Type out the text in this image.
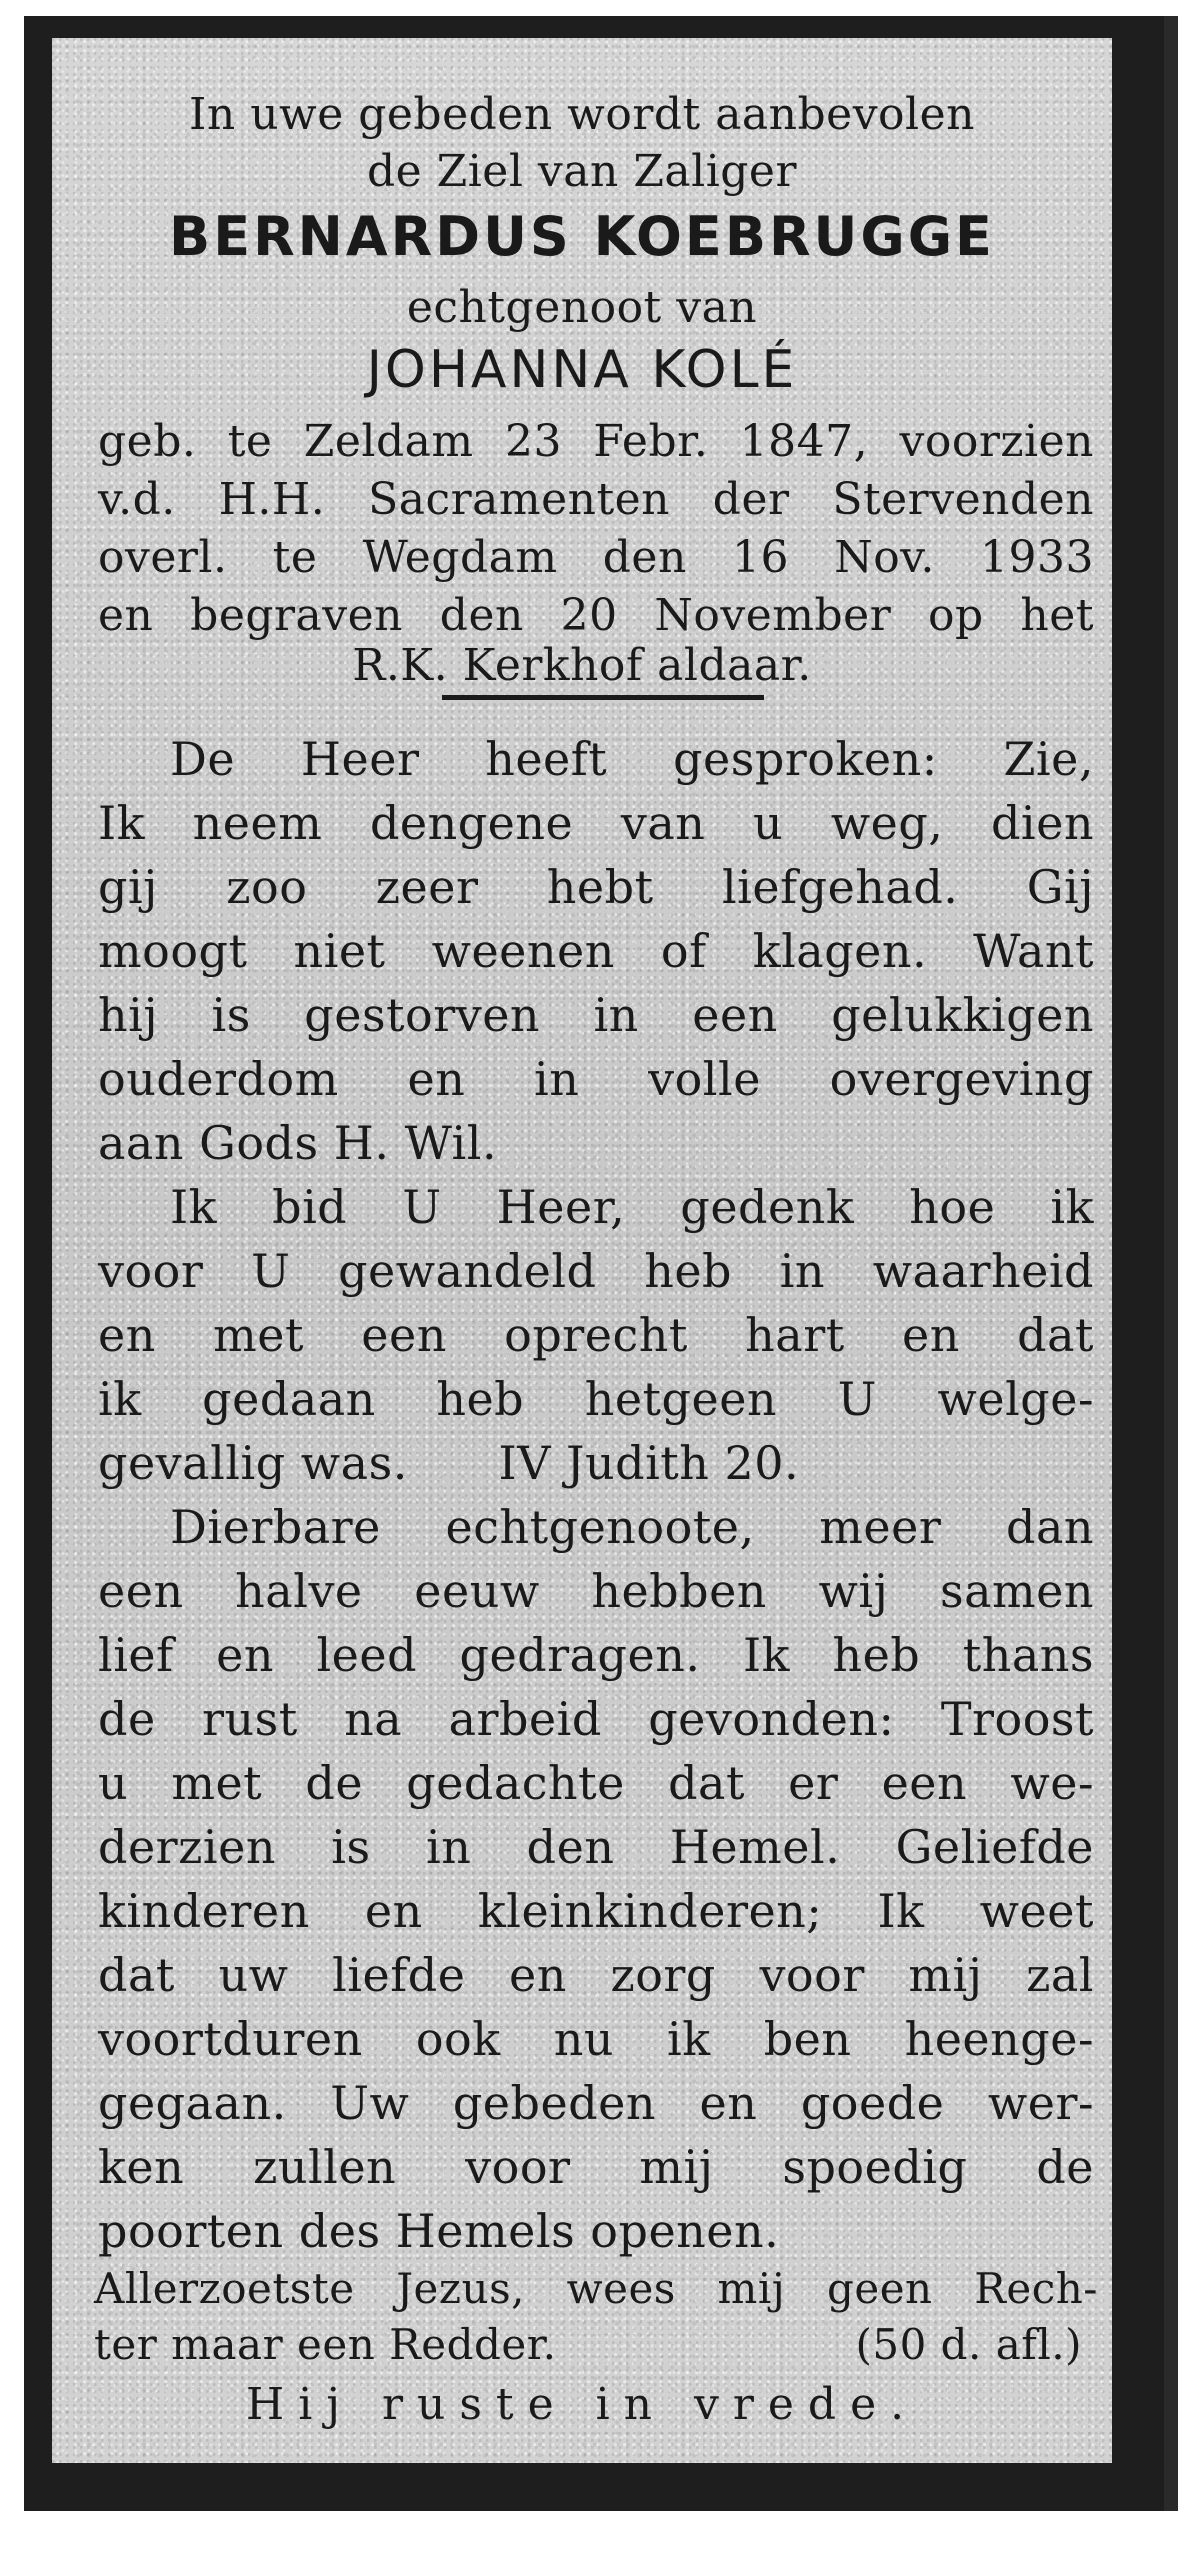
In uwe gebeden wordt aanbevolen

de Ziel van Zaliger

BERNARDUS KOEBRUGGE

echtgenoot van

JOHANNA KOLÉ

geb. te Zeldam 23 Febr. 1847, voorzien

v.d. H.H. Sacramenten der Stervenden

overl. te Wegdam den 16 Nov. 1933

en begraven den 20 November op het

R.K. Kerkhof aldaar.

De Heer heeft gesproken: Zie,

Ik neem dengene van u weg, dien

gij zoo zeer hebt liefgehad. Gij

moogt niet weenen of klagen. Want

hij is gestorven in een gelukkigen

ouderdom en in volle overgeving

aan Gods H. Wil.

Ik bid U Heer, gedenk hoe ik

voor U gewandeld heb in waarheid

en met een oprecht hart en dat

ik gedaan heb hetgeen U welge-

gevallig was.      IV Judith 20.

Dierbare echtgenoote, meer dan

een halve eeuw hebben wij samen

lief en leed gedragen. Ik heb thans

de rust na arbeid gevonden: Troost

u met de gedachte dat er een we-

derzien is in den Hemel. Geliefde

kinderen en kleinkinderen; Ik weet

dat uw liefde en zorg voor mij zal

voortduren ook nu ik ben heenge-

gegaan. Uw gebeden en goede wer-

ken zullen voor mij spoedig de

poorten des Hemels openen.

Allerzoetste Jezus, wees mij geen Rech-

ter maar een Redder.	(50 d. afl.)

Hij ruste in vrede.
